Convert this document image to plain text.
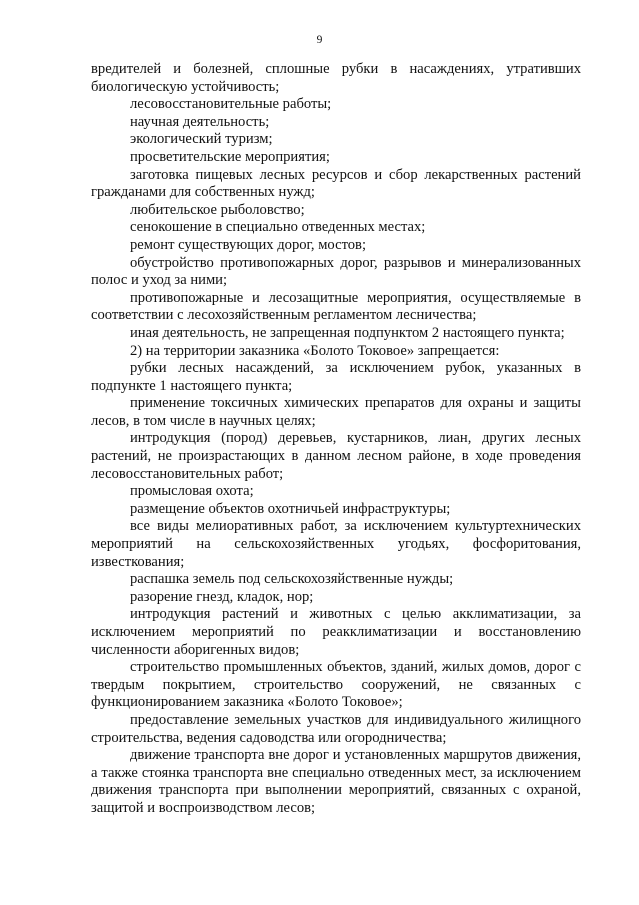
9

вредителей и болезней, сплошные рубки в насаждениях, утративших биологическую устойчивость;

лесовосстановительные работы;

научная деятельность;

экологический туризм;

просветительские мероприятия;

заготовка пищевых лесных ресурсов и сбор лекарственных растений гражданами для собственных нужд;

любительское рыболовство;

сенокошение в специально отведенных местах;

ремонт существующих дорог, мостов;

обустройство противопожарных дорог, разрывов и минерализованных полос и уход за ними;

противопожарные и лесозащитные мероприятия, осуществляемые в соответствии с лесохозяйственным регламентом лесничества;

иная деятельность, не запрещенная подпунктом 2 настоящего пункта;

2) на территории заказника «Болото Токовое» запрещается:

рубки лесных насаждений, за исключением рубок, указанных в подпункте 1 настоящего пункта;

применение токсичных химических препаратов для охраны и защиты лесов, в том числе в научных целях;

интродукция (пород) деревьев, кустарников, лиан, других лесных растений, не произрастающих в данном лесном районе, в ходе проведения лесовосстановительных работ;

промысловая охота;

размещение объектов охотничьей инфраструктуры;

все виды мелиоративных работ, за исключением культуртехнических мероприятий на сельскохозяйственных угодьях, фосфоритования, известкования;

распашка земель под сельскохозяйственные нужды;

разорение гнезд, кладок, нор;

интродукция растений и животных с целью акклиматизации, за исключением мероприятий по реакклиматизации и восстановлению численности аборигенных видов;

строительство промышленных объектов, зданий, жилых домов, дорог с твердым покрытием, строительство сооружений, не связанных с функционированием заказника «Болото Токовое»;

предоставление земельных участков для индивидуального жилищного строительства, ведения садоводства или огородничества;

движение транспорта вне дорог и установленных маршрутов движения, а также стоянка транспорта вне специально отведенных мест, за исключением движения транспорта при выполнении мероприятий, связанных с охраной, защитой и воспроизводством лесов;
